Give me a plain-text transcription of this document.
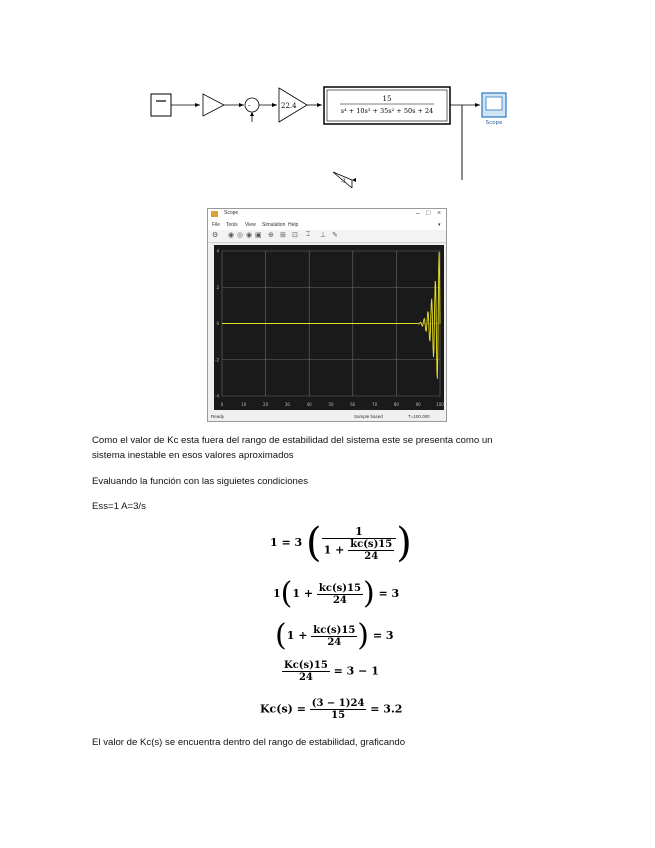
-	22.4
15
s⁴ + 10s³ + 35s² + 50s + 24
Scope
-1
Scope	– □ ×
File Tools View Simulation Help	▾
⚙ ◉ ◎ ◉ ▣ ⊕ ⊞ ⊡ ⌶ ⊥ ✎
0	10	20	30	40	50	60	70	80	90	100
4
2
0
-2
-4
Ready	Sample based	T=100.000
Como el valor de Kc esta fuera del rango de estabilidad del sistema este se presenta como un
sistema inestable en esos valores aproximados
Evaluando la función con las siguietes condiciones
Ess=1 A=3/s
1 = 3 ( $\frac{1}{1 + \frac{kc(s)15}{24}}$ )
$1(1 + \frac{kc(s)15}{24}$ ) = 3
($1 + \frac{kc(s)15}{24}$ ) = 3
$\frac{Kc(s)15}{24} = 3 - 1$
$Kc(s) = \frac{(3 - 1)24}{15} = 3.2$
El valor de Kc(s) se encuentra dentro del rango de estabilidad, graficando
